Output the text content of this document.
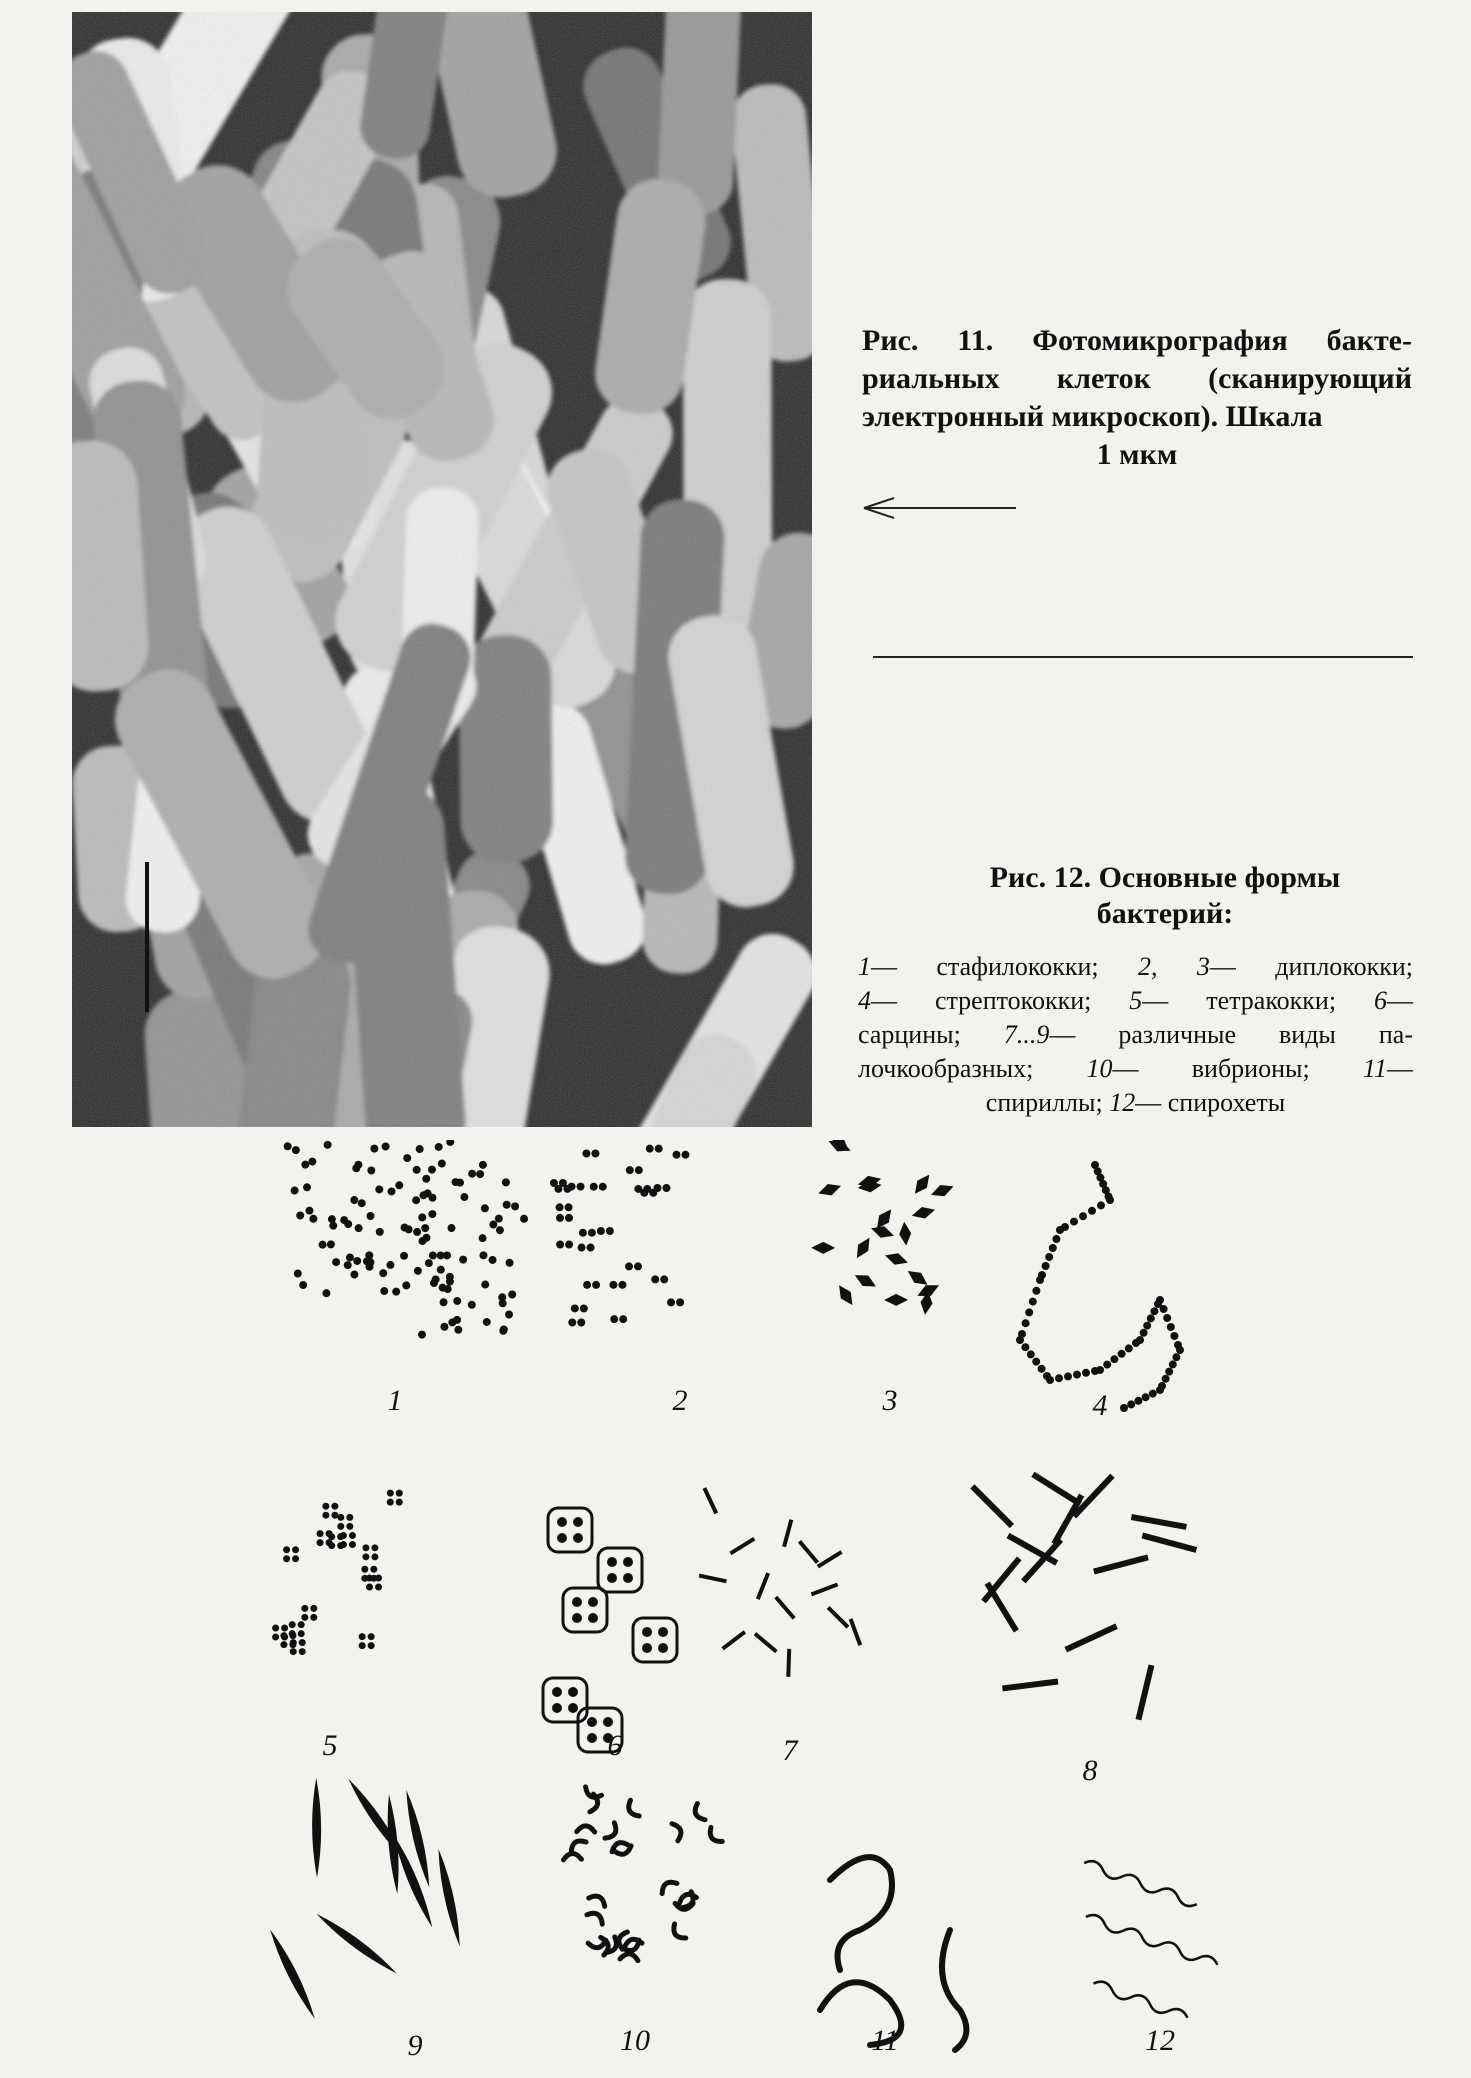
Рис. 11. Фотомикрография бакте- риальных клеток (сканирующий электронный микроскоп). Шкала
1 мкм
Рис. 12. Основные формы
бактерий:
1— стафилококки; 2, 3— диплококки;
4— стрептококки; 5— тетракокки; 6—
сарцины; 7...9— различные виды па-
лочкообразных; 10— вибрионы; 11—
спириллы; 12— спирохеты
1	2	3	4
5	6	7
8
9	10	11	12
